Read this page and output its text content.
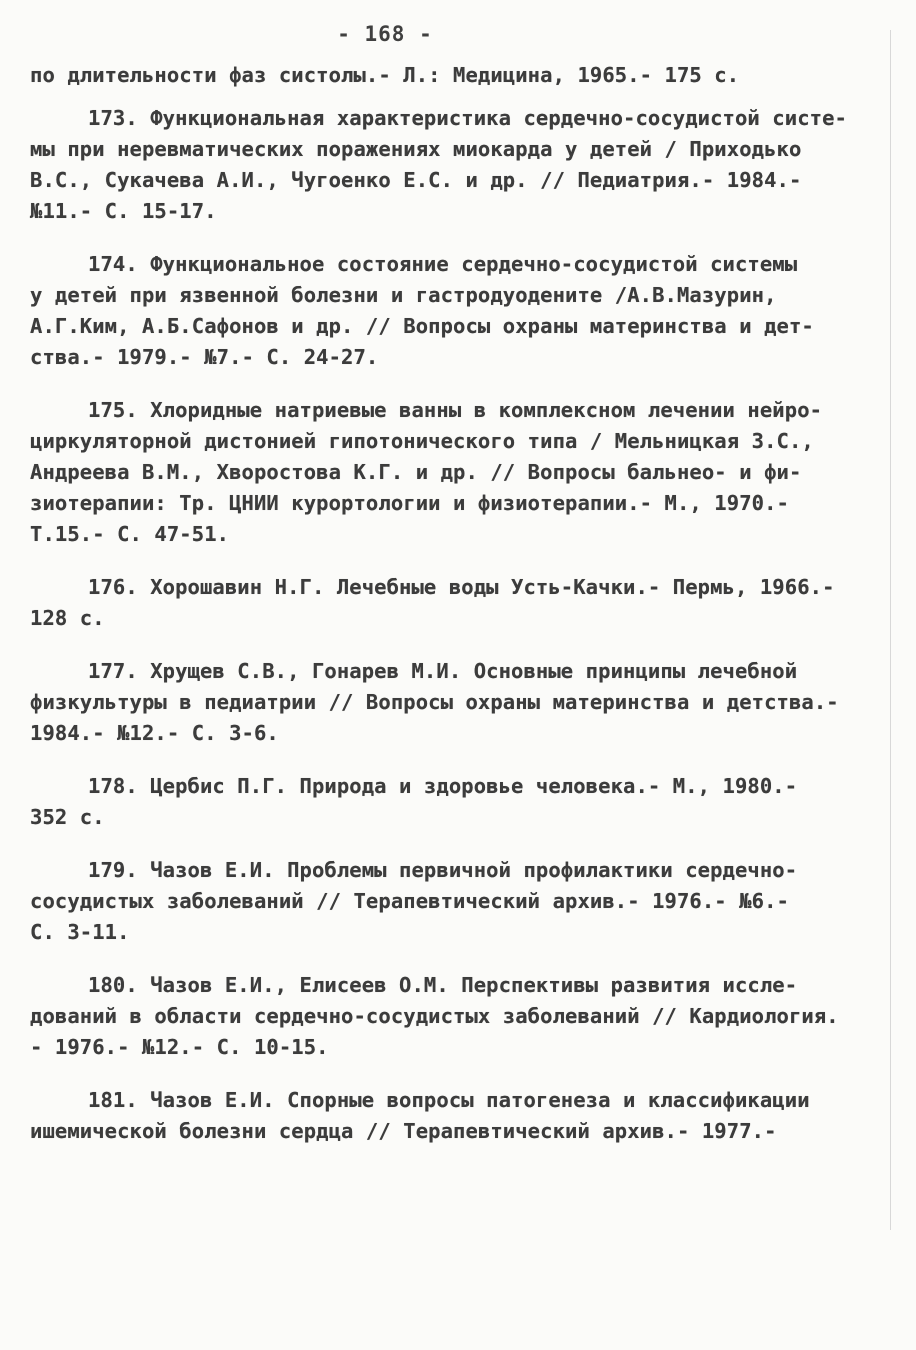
- 168 -
по длительности фаз систолы.- Л.: Медицина, 1965.- 175 с.
173. Функциональная характеристика сердечно-сосудистой систе-
мы при неревматических поражениях миокарда у детей / Приходько
В.С., Сукачева А.И., Чугоенко Е.С. и др. // Педиатрия.- 1984.-
№11.- С. 15-17.
174. Функциональное состояние сердечно-сосудистой системы
у детей при язвенной болезни и гастродуодените /А.В.Мазурин,
А.Г.Ким, А.Б.Сафонов и др. // Вопросы охраны материнства и дет-
ства.- 1979.- №7.- С. 24-27.
175. Хлоридные натриевые ванны в комплексном лечении нейро-
циркуляторной дистонией гипотонического типа / Мельницкая З.С.,
Андреева В.М., Хворостова К.Г. и др. // Вопросы бальнео- и фи-
зиотерапии: Тр. ЦНИИ курортологии и физиотерапии.- М., 1970.-
Т.15.- С. 47-51.
176. Хорошавин Н.Г. Лечебные воды Усть-Качки.- Пермь, 1966.-
128 с.
177. Хрущев С.В., Гонарев М.И. Основные принципы лечебной
физкультуры в педиатрии // Вопросы охраны материнства и детства.-
1984.- №12.- С. 3-6.
178. Цербис П.Г. Природа и здоровье человека.- М., 1980.-
352 с.
179. Чазов Е.И. Проблемы первичной профилактики сердечно-
сосудистых заболеваний // Терапевтический архив.- 1976.- №6.-
С. 3-11.
180. Чазов Е.И., Елисеев О.М. Перспективы развития иссле-
дований в области сердечно-сосудистых заболеваний // Кардиология.
- 1976.- №12.- С. 10-15.
181. Чазов Е.И. Спорные вопросы патогенеза и классификации
ишемической болезни сердца // Терапевтический архив.- 1977.-
